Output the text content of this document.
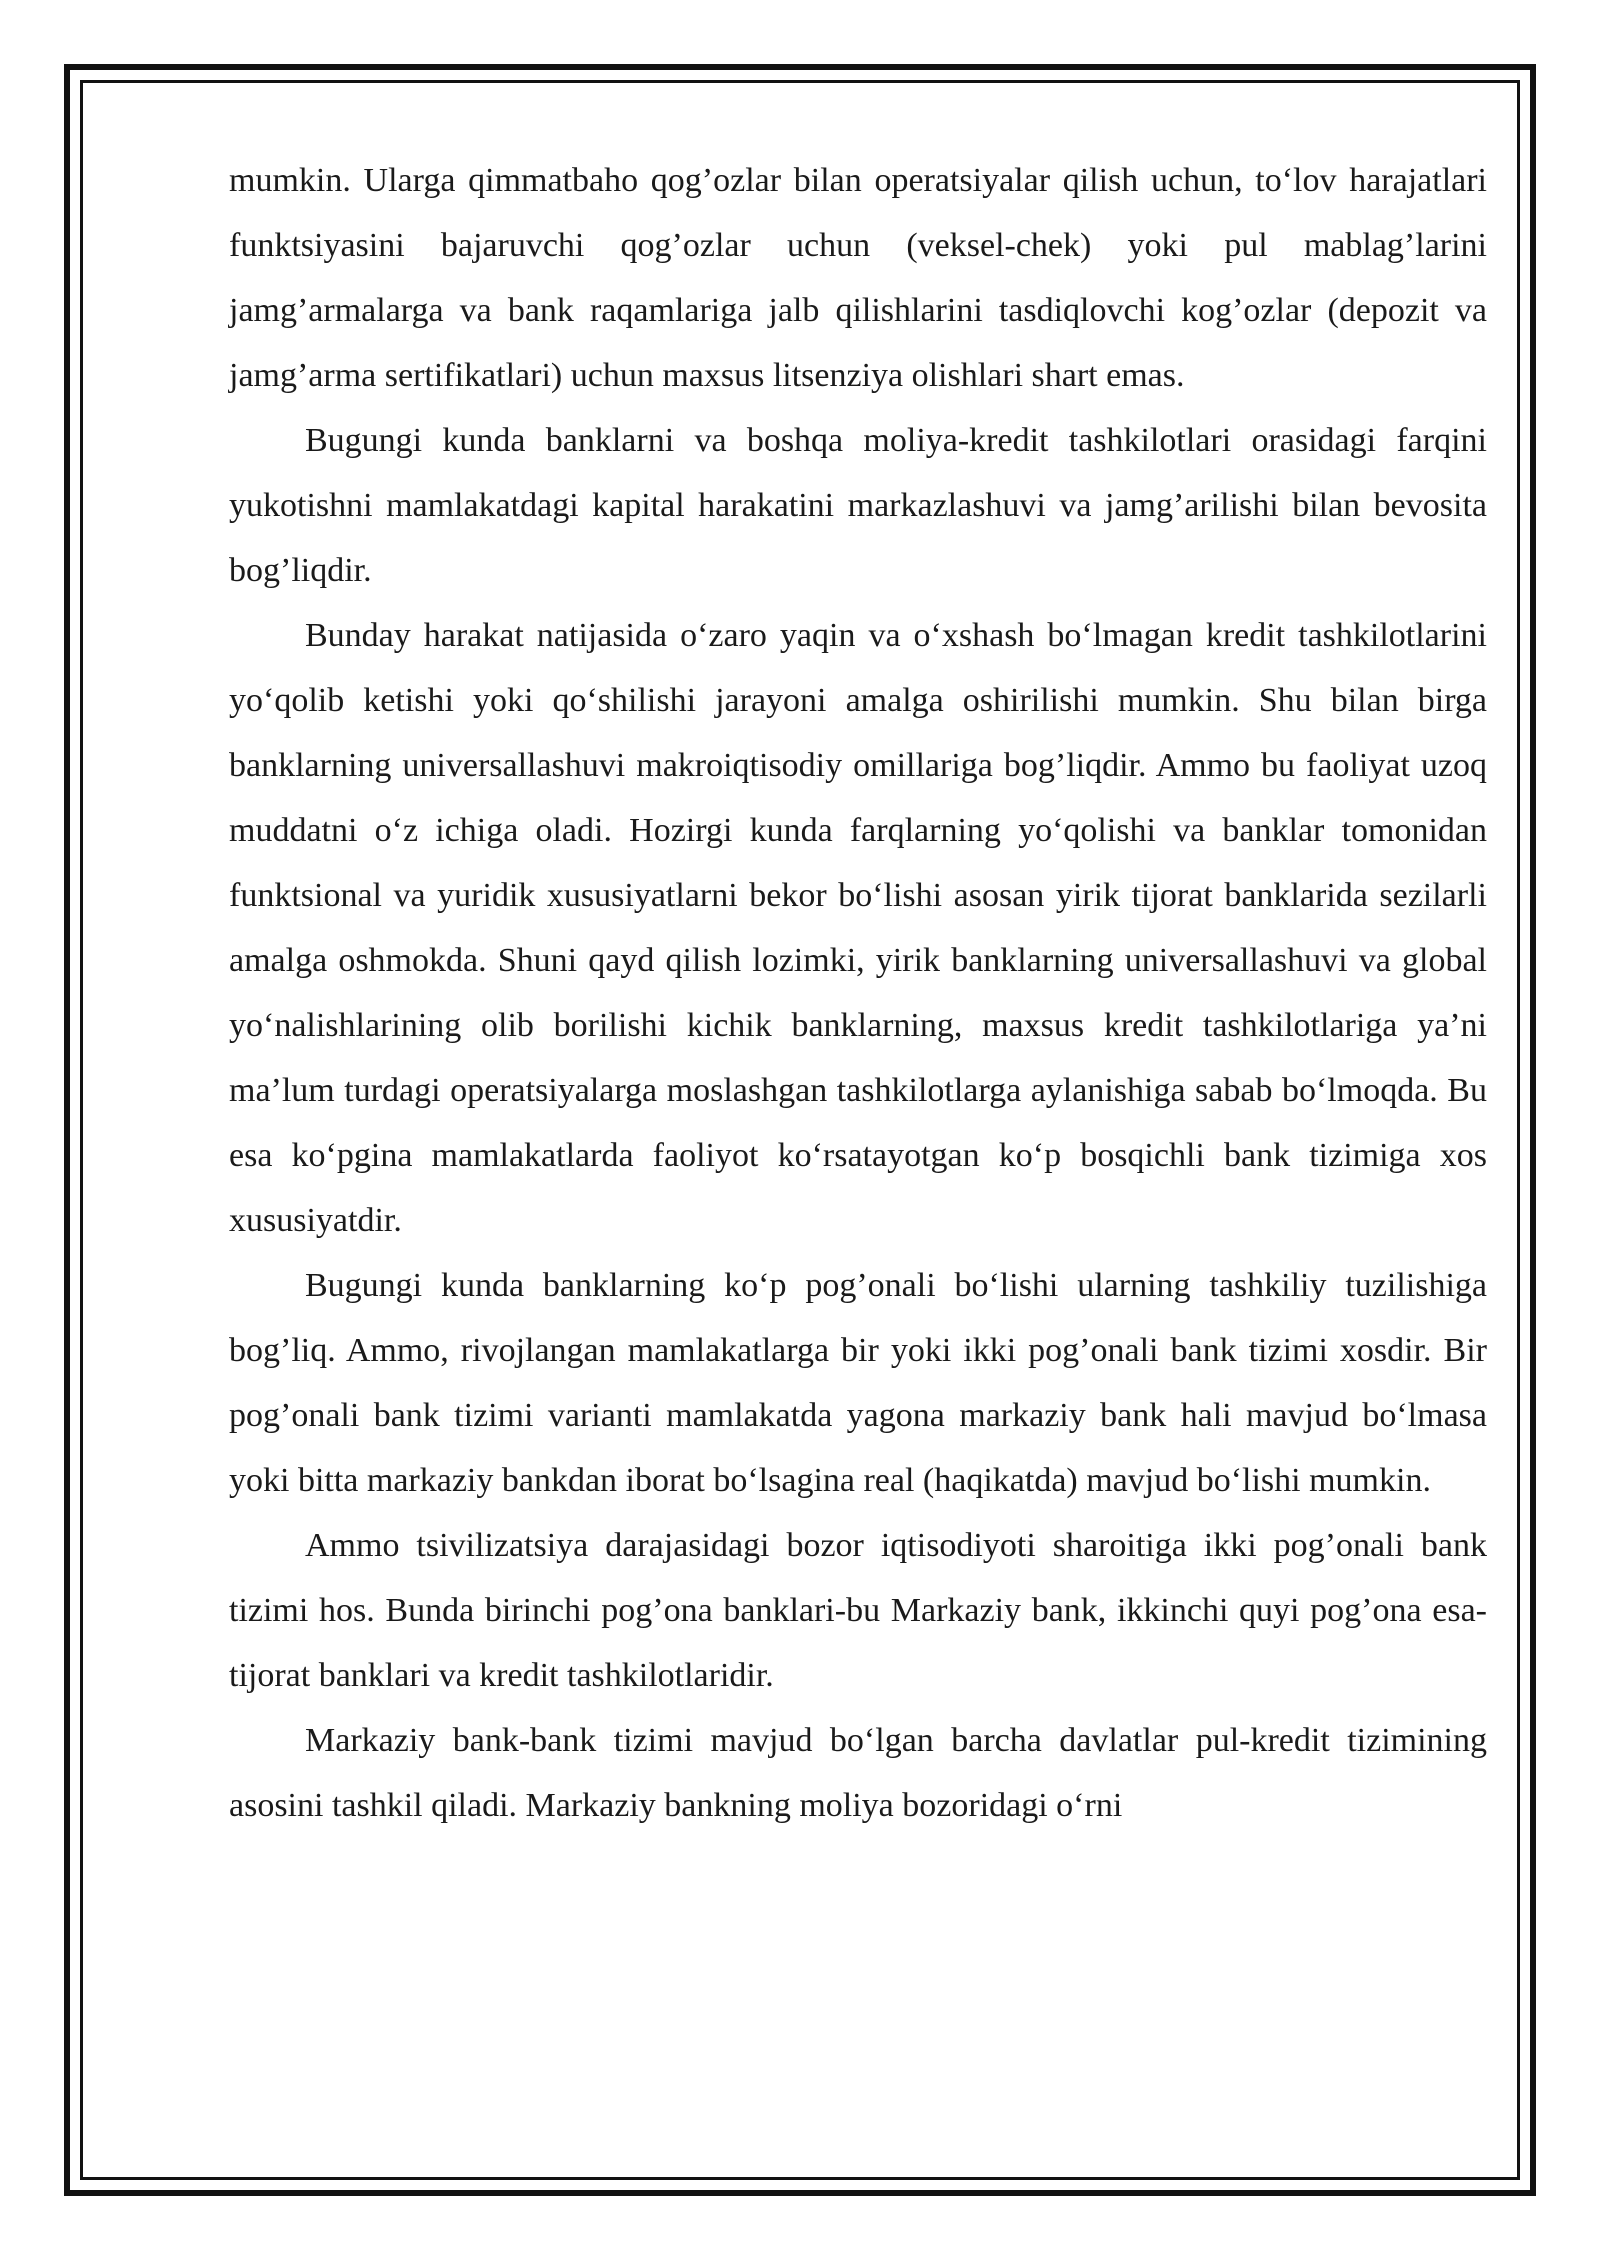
mumkin. Ularga qimmatbaho qog’ozlar bilan operatsiyalar qilish uchun, to‘lov harajatlari funktsiyasini bajaruvchi qog’ozlar uchun (veksel-chek) yoki pul mablag’larini jamg’armalarga va bank raqamlariga jalb qilishlarini tasdiqlovchi kog’ozlar (depozit va jamg’arma sertifikatlari) uchun maxsus litsenziya olishlari shart emas.

Bugungi kunda banklarni va boshqa moliya-kredit tashkilotlari orasidagi farqini yukotishni mamlakatdagi kapital harakatini markazlashuvi va jamg’arilishi bilan bevosita bog’liqdir.

Bunday harakat natijasida o‘zaro yaqin va o‘xshash bo‘lmagan kredit tashkilotlarini yo‘qolib ketishi yoki qo‘shilishi jarayoni amalga oshirilishi mumkin. Shu bilan birga banklarning universallashuvi makroiqtisodiy omillariga bog’liqdir. Ammo bu faoliyat uzoq muddatni o‘z ichiga oladi. Hozirgi kunda farqlarning yo‘qolishi va banklar tomonidan funktsional va yuridik xususiyatlarni bekor bo‘lishi asosan yirik tijorat banklarida sezilarli amalga oshmokda. Shuni qayd qilish lozimki, yirik banklarning universallashuvi va global yo‘nalishlarining olib borilishi kichik banklarning, maxsus kredit tashkilotlariga ya’ni ma’lum turdagi operatsiyalarga moslashgan tashkilotlarga aylanishiga sabab bo‘lmoqda. Bu esa ko‘pgina mamlakatlarda faoliyot ko‘rsatayotgan ko‘p bosqichli bank tizimiga xos xususiyatdir.

Bugungi kunda banklarning ko‘p pog’onali bo‘lishi ularning tashkiliy tuzilishiga bog’liq. Ammo, rivojlangan mamlakatlarga bir yoki ikki pog’onali bank tizimi xosdir. Bir pog’onali bank tizimi varianti mamlakatda yagona markaziy bank hali mavjud bo‘lmasa yoki bitta markaziy bankdan iborat bo‘lsagina real (haqikatda) mavjud bo‘lishi mumkin.

Ammo tsivilizatsiya darajasidagi bozor iqtisodiyoti sharoitiga ikki pog’onali bank tizimi hos. Bunda birinchi pog’ona banklari-bu Markaziy bank, ikkinchi quyi pog’ona esa-tijorat banklari va kredit tashkilotlaridir.

Markaziy bank-bank tizimi mavjud bo‘lgan barcha davlatlar pul-kredit tizimining asosini tashkil qiladi. Markaziy bankning moliya bozoridagi o‘rni
